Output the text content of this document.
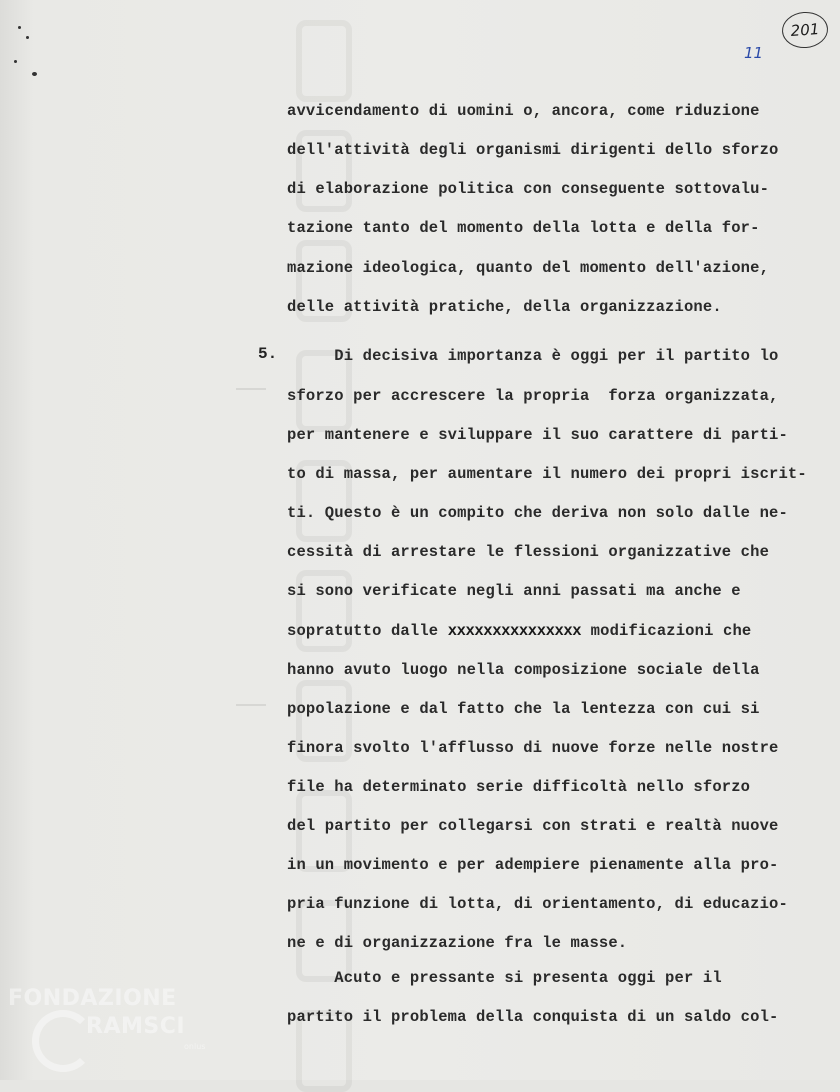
201
11
avvicendamento di uomini o, ancora, come riduzione
dell'attività degli organismi dirigenti dello sforzo
di elaborazione politica con conseguente sottovalu-
tazione tanto del momento della lotta e della for-
mazione ideologica, quanto del momento dell'azione,
delle attività pratiche, della organizzazione.
5. Di decisiva importanza è oggi per il partito lo
sforzo per accrescere la propria  forza organizzata,
per mantenere e sviluppare il suo carattere di parti-
to di massa, per aumentare il numero dei propri iscrit-
ti. Questo è un compito che deriva non solo dalle ne-
cessità di arrestare le flessioni organizzative che
si sono verificate negli anni passati ma anche e
sopratutto dalle xxxxxxxxxxxxxxx modificazioni che
hanno avuto luogo nella composizione sociale della
popolazione e dal fatto che la lentezza con cui si
finora svolto l'afflusso di nuove forze nelle nostre
file ha determinato serie difficoltà nello sforzo
del partito per collegarsi con strati e realtà nuove
in un movimento e per adempiere pienamente alla pro-
pria funzione di lotta, di orientamento, di educazio-
ne e di organizzazione fra le masse.
Acuto e pressante si presenta oggi per il
partito il problema della conquista di un saldo col-
FONDAZIONE
RAMSCI
onlus
